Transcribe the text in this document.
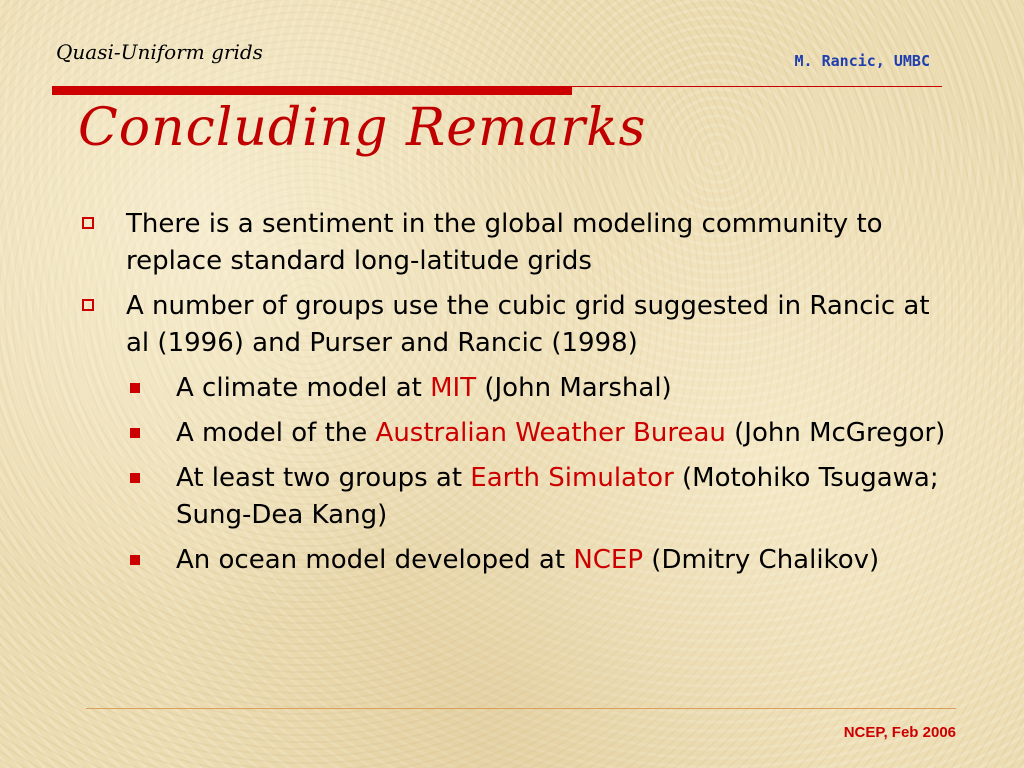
Quasi-Uniform grids	M. Rancic, UMBC
Concluding Remarks
There is a sentiment in the global modeling community to replace standard long-latitude grids
A number of groups use the cubic grid suggested in Rancic at al (1996) and Purser and Rancic (1998)
A climate model at MIT (John Marshal)
A model of the Australian Weather Bureau (John McGregor)
At least two groups at Earth Simulator (Motohiko Tsugawa; Sung-Dea Kang)
An ocean model developed at NCEP (Dmitry Chalikov)
NCEP, Feb 2006
